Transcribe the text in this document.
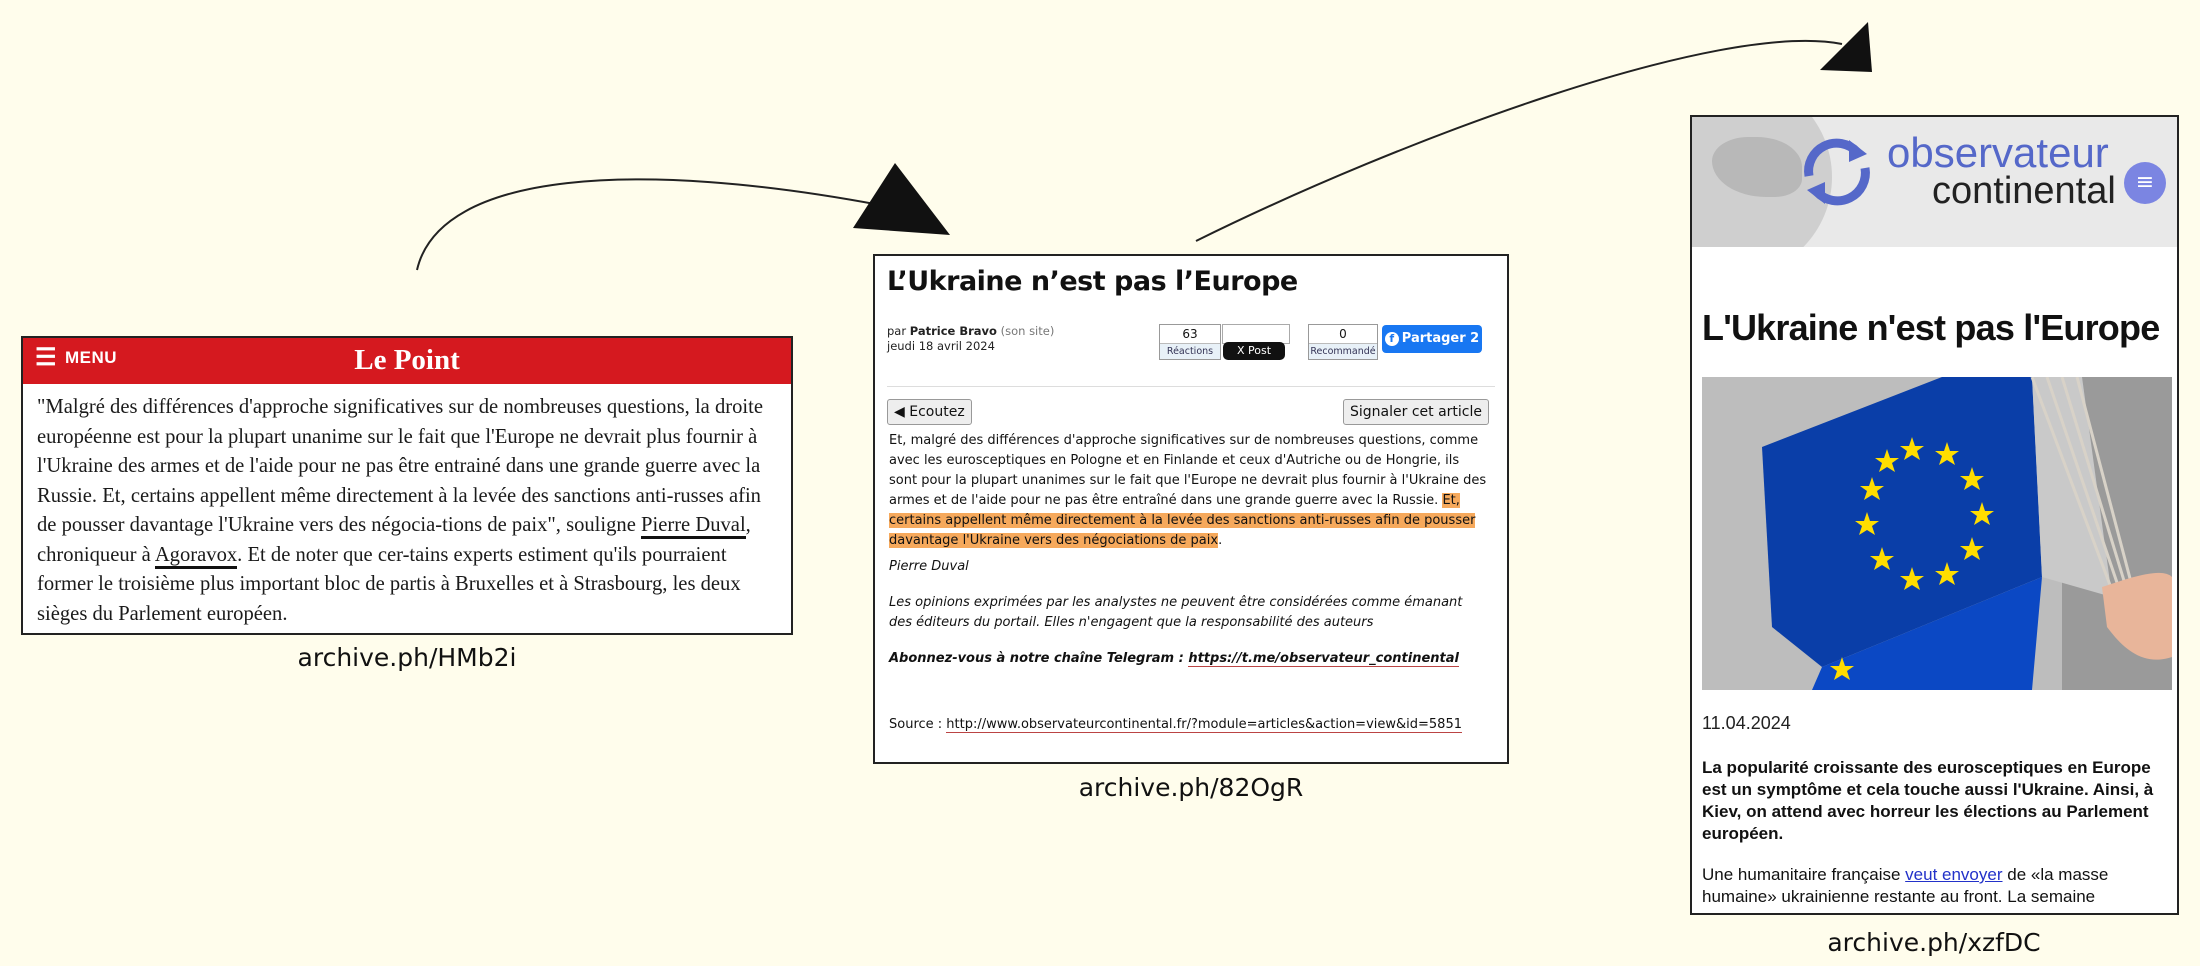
☰ MENU	Le Point
"Malgré des différences d'approche significatives sur de nombreuses questions, la droite européenne est pour la plupart unanime sur le fait que l'Europe ne devrait plus fournir à l'Ukraine des armes et de l'aide pour ne pas être entrainé dans une grande guerre avec la Russie. Et, certains appellent même directement à la levée des sanctions anti-russes afin de pousser davantage l'Ukraine vers des négocia-tions de paix", souligne Pierre Duval, chroniqueur à Agoravox. Et de noter que cer-tains experts estiment qu'ils pourraient former le troisième plus important bloc de partis à Bruxelles et à Strasbourg, les deux sièges du Parlement européen.
archive.ph/HMb2i
L’Ukraine n’est pas l’Europe
par Patrice Bravo (son site)
jeudi 18 avril 2024
63
Réactions	X Post
0
Recommandé
f Partager 2
◀ Ecoutez	Signaler cet article
Et, malgré des différences d'approche significatives sur de nombreuses questions, comme avec les eurosceptiques en Pologne et en Finlande et ceux d'Autriche ou de Hongrie, ils sont pour la plupart unanimes sur le fait que l'Europe ne devrait plus fournir à l'Ukraine des armes et de l'aide pour ne pas être entraîné dans une grande guerre avec la Russie. Et, certains appellent même directement à la levée des sanctions anti-russes afin de pousser davantage l'Ukraine vers des négociations de paix.
Pierre Duval
Les opinions exprimées par les analystes ne peuvent être considérées comme émanant des éditeurs du portail. Elles n'engagent que la responsabilité des auteurs
Abonnez-vous à notre chaîne Telegram : https://t.me/observateur_continental
Source : http://www.observateurcontinental.fr/?module=articles&action=view&id=5851
archive.ph/82OgR
observateur
continental ≡
L'Ukraine n'est pas l'Europe
11.04.2024
La popularité croissante des eurosceptiques en Europe est un symptôme et cela touche aussi l'Ukraine. Ainsi, à Kiev, on attend avec horreur les élections au Parlement européen.
Une humanitaire française veut envoyer de «la masse humaine» ukrainienne restante au front. La semaine
archive.ph/xzfDC
